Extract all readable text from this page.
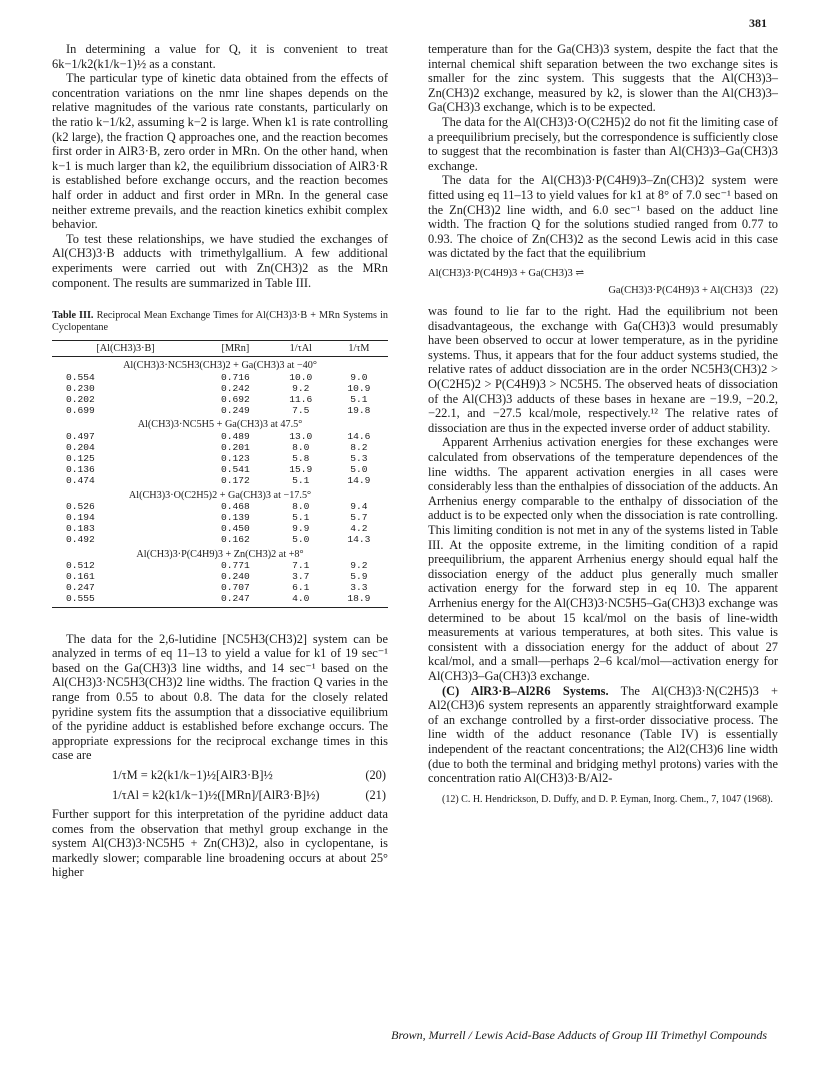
381

In determining a value for Q, it is convenient to treat 6k−1/k2(k1/k−1)½ as a constant.

The particular type of kinetic data obtained from the effects of concentration variations on the nmr line shapes depends on the relative magnitudes of the various rate constants, particularly on the ratio k−1/k2, assuming k−2 is large. When k1 is rate controlling (k2 large), the fraction Q approaches one, and the reaction becomes first order in AlR3·B, zero order in MRn. On the other hand, when k−1 is much larger than k2, the equilibrium dissociation of AlR3·R is established before exchange occurs, and the reaction becomes half order in adduct and first order in MRn. In the general case neither extreme prevails, and the reaction kinetics exhibit complex behavior.

To test these relationships, we have studied the exchanges of Al(CH3)3·B adducts with trimethylgallium. A few additional experiments were carried out with Zn(CH3)2 as the MRn component. The results are summarized in Table III.

Table III. Reciprocal Mean Exchange Times for Al(CH3)3·B + MRn Systems in Cyclopentane
[Al(CH3)3·B]	[MRn]	1/τAl	1/τM
Al(CH3)3·NC5H3(CH3)2 + Ga(CH3)3 at −40°			
0.554	0.716	10.0	9.0
0.230	0.242	9.2	10.9
0.202	0.692	11.6	5.1
0.699	0.249	7.5	19.8
Al(CH3)3·NC5H5 + Ga(CH3)3 at 47.5°			
0.497	0.489	13.0	14.6
0.204	0.201	8.0	8.2
0.125	0.123	5.8	5.3
0.136	0.541	15.9	5.0
0.474	0.172	5.1	14.9
Al(CH3)3·O(C2H5)2 + Ga(CH3)3 at −17.5°			
0.526	0.468	8.0	9.4
0.194	0.139	5.1	5.7
0.183	0.450	9.9	4.2
0.492	0.162	5.0	14.3
Al(CH3)3·P(C4H9)3 + Zn(CH3)2 at +8°			
0.512	0.771	7.1	9.2
0.161	0.240	3.7	5.9
0.247	0.707	6.1	3.3
0.555	0.247	4.0	18.9

The data for the 2,6-lutidine [NC5H3(CH3)2] system can be analyzed in terms of eq 11–13 to yield a value for k1 of 19 sec⁻¹ based on the Ga(CH3)3 line widths, and 14 sec⁻¹ based on the Al(CH3)3·NC5H3(CH3)2 line widths. The fraction Q varies in the range from 0.55 to about 0.8. The data for the closely related pyridine system fits the assumption that a dissociative equilibrium of the pyridine adduct is established before exchange occurs. The appropriate expressions for the reciprocal exchange times in this case are

1/τM = k2(k1/k−1)½[AlR3·B]½	(20)
1/τAl = k2(k1/k−1)½([MRn]/[AlR3·B]½)	(21)

Further support for this interpretation of the pyridine adduct data comes from the observation that methyl group exchange in the system Al(CH3)3·NC5H5 + Zn(CH3)2, also in cyclopentane, is markedly slower; comparable line broadening occurs at about 25° higher

temperature than for the Ga(CH3)3 system, despite the fact that the internal chemical shift separation between the two exchange sites is smaller for the zinc system. This suggests that the Al(CH3)3–Zn(CH3)2 exchange, measured by k2, is slower than the Al(CH3)3–Ga(CH3)3 exchange, which is to be expected.

The data for the Al(CH3)3·O(C2H5)2 do not fit the limiting case of a preequilibrium precisely, but the correspondence is sufficiently close to suggest that the recombination is faster than Al(CH3)3–Ga(CH3)3 exchange.

The data for the Al(CH3)3·P(C4H9)3–Zn(CH3)2 system were fitted using eq 11–13 to yield values for k1 at 8° of 7.0 sec⁻¹ based on the Zn(CH3)2 line width, and 6.0 sec⁻¹ based on the adduct line width. The fraction Q for the solutions studied ranged from 0.77 to 0.93. The choice of Zn(CH3)2 as the second Lewis acid in this case was dictated by the fact that the equilibrium

Al(CH3)3·P(C4H9)3 + Ga(CH3)3 ⇌
Ga(CH3)3·P(C4H9)3 + Al(CH3)3 (22)

was found to lie far to the right. Had the equilibrium not been disadvantageous, the exchange with Ga(CH3)3 would presumably have been observed to occur at lower temperature, as in the pyridine systems. Thus, it appears that for the four adduct systems studied, the relative rates of adduct dissociation are in the order NC5H3(CH3)2 > O(C2H5)2 > P(C4H9)3 > NC5H5. The observed heats of dissociation of the Al(CH3)3 adducts of these bases in hexane are −19.9, −20.2, −22.1, and −27.5 kcal/mole, respectively.¹² The relative rates of dissociation are thus in the expected inverse order of adduct stability.

Apparent Arrhenius activation energies for these exchanges were calculated from observations of the temperature dependences of the line widths. The apparent activation energies in all cases were considerably less than the enthalpies of dissociation of the adducts. An Arrhenius energy comparable to the enthalpy of dissociation of the adduct is to be expected only when the dissociation is rate controlling. This limiting condition is not met in any of the systems listed in Table III. At the opposite extreme, in the limiting condition of a rapid preequilibrium, the apparent Arrhenius energy should equal half the dissociation energy of the adduct plus generally much smaller activation energy for the forward step in eq 10. The apparent Arrhenius energy for the Al(CH3)3·NC5H5–Ga(CH3)3 exchange was determined to be about 15 kcal/mol on the basis of line-width measurements at various temperatures, at both sites. This value is consistent with a dissociation energy for the adduct of about 27 kcal/mol, and a small—perhaps 2–6 kcal/mol—activation energy for Al(CH3)3–Ga(CH3)3 exchange.

(C) AlR3·B–Al2R6 Systems. The Al(CH3)3·N(C2H5)3 + Al2(CH3)6 system represents an apparently straightforward example of an exchange controlled by a first-order dissociative process. The line width of the adduct resonance (Table IV) is essentially independent of the reactant concentrations; the Al2(CH3)6 line width (due to both the terminal and bridging methyl protons) varies with the concentration ratio Al(CH3)3·B/Al2-

(12) C. H. Hendrickson, D. Duffy, and D. P. Eyman, Inorg. Chem., 7, 1047 (1968).
Brown, Murrell / Lewis Acid-Base Adducts of Group III Trimethyl Compounds
